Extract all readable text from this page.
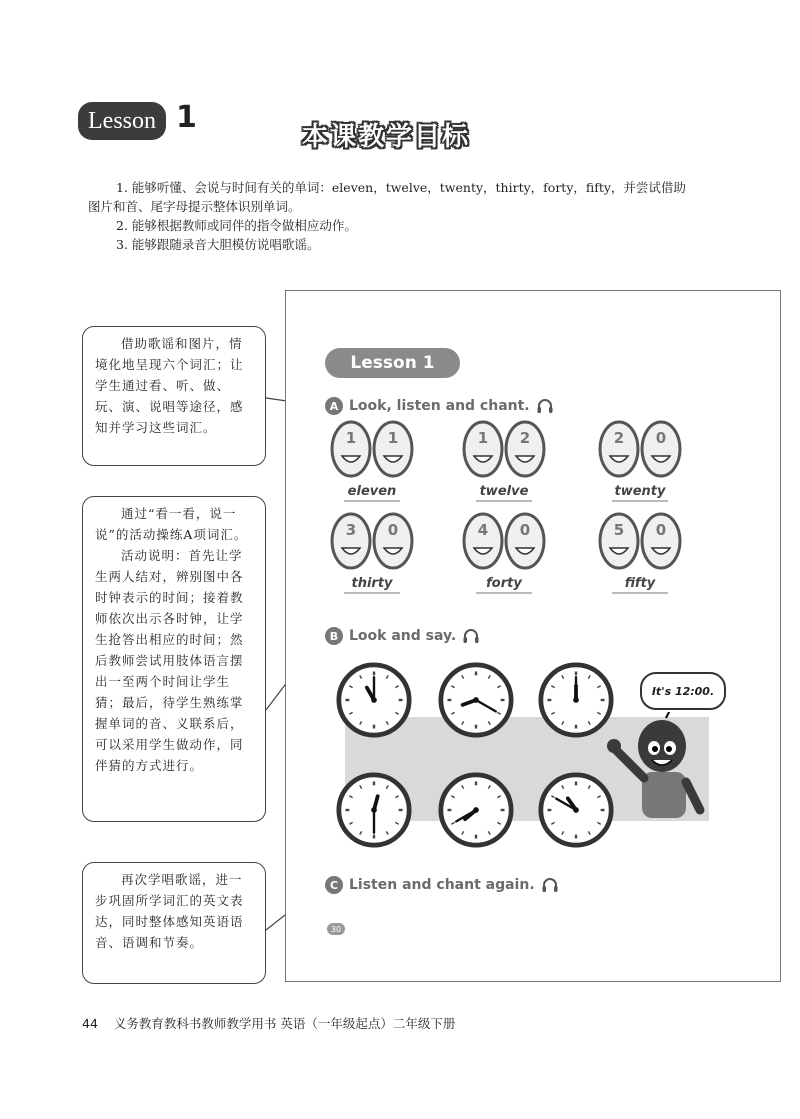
Lesson 1
本课教学目标
1. 能够听懂、会说与时间有关的单词：eleven，twelve，twenty，thirty，forty，fifty，并尝试借助图片和首、尾字母提示整体识别单词。
2. 能够根据教师或同伴的指令做相应动作。
3. 能够跟随录音大胆模仿说唱歌谣。

借助歌谣和图片，情境化地呈现六个词汇；让学生通过看、听、做、玩、演、说唱等途径，感知并学习这些词汇。

通过“看一看，说一说”的活动操练A项词汇。

活动说明：首先让学生两人结对，辨别图中各时钟表示的时间；接着教师依次出示各时钟，让学生抢答出相应的时间；然后教师尝试用肢体语言摆出一至两个时间让学生猜；最后，待学生熟练掌握单词的音、义联系后，可以采用学生做动作，同伴猜的方式进行。

再次学唱歌谣，进一步巩固所学词汇的英文表达，同时整体感知英语语音、语调和节奏。

Lesson 1
A Look, listen and chant.
1 1
eleven
1 2
twelve
2 0
twenty
3 0
thirty
4 0
forty
5 0
fifty
B Look and say.
It's 12:00.
C Listen and chant again.
30
44 义务教育教科书教师教学用书 英语（一年级起点）二年级下册
